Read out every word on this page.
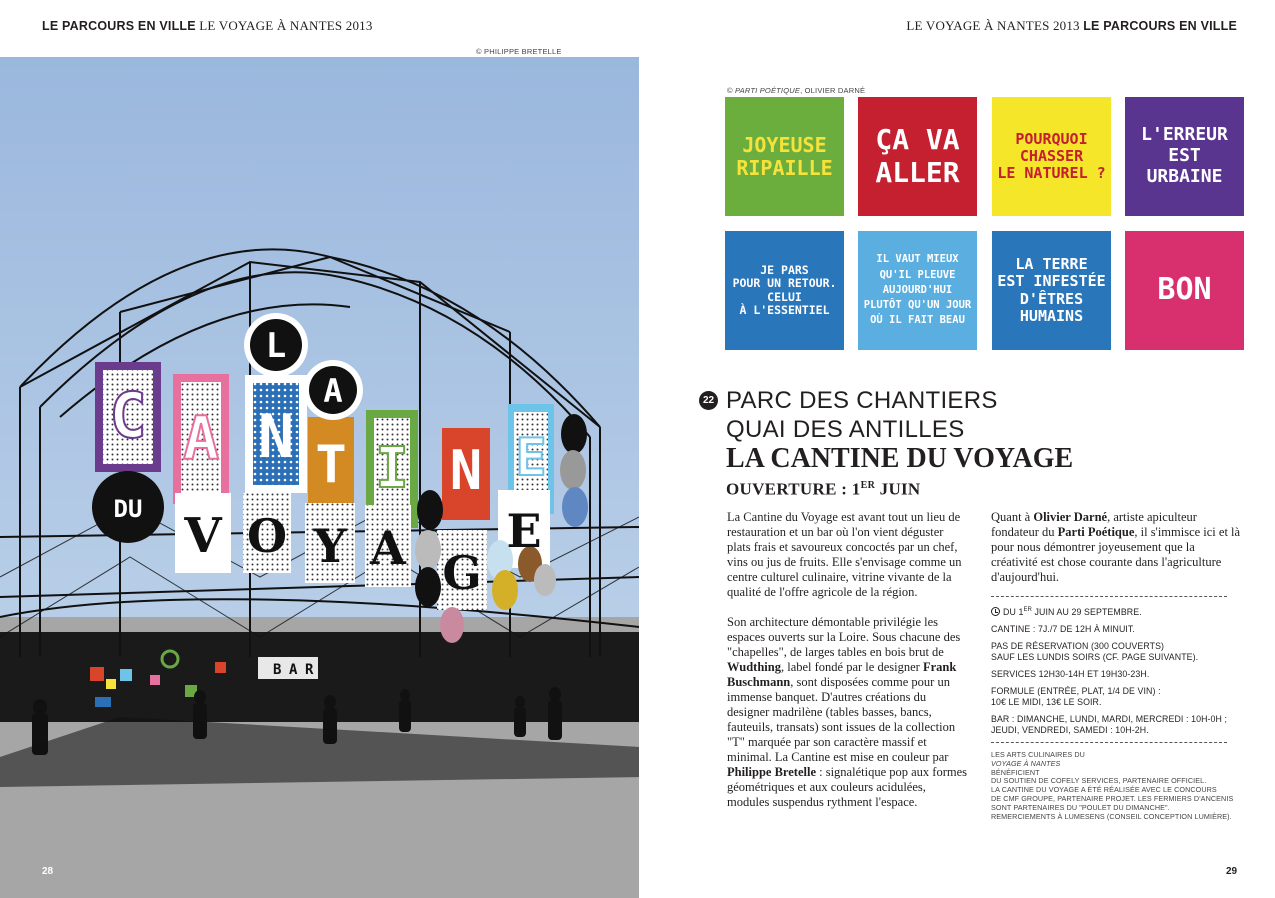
LE PARCOURS EN VILLE LE VOYAGE À NANTES 2013	LE VOYAGE À NANTES 2013 LE PARCOURS EN VILLE
© PHILIPPE BRETELLE
L
A
C A N T I N E
DU V O Y A G
E
B A R
28
© PARTI POÉTIQUE, OLIVIER DARNÉ
JOYEUSE
RIPAILLE
ÇA VA
ALLER
POURQUOI
CHASSER
LE NATUREL ?
L'ERREUR
EST
URBAINE
JE PARS
POUR UN RETOUR.
CELUI
À L'ESSENTIEL
IL VAUT MIEUX
QU'IL PLEUVE
AUJOURD'HUI
PLUTÔT QU'UN JOUR
OÙ IL FAIT BEAU
LA TERRE
EST INFESTÉE
D'ÊTRES
HUMAINS
BON
22 PARC DES CHANTIERS
QUAI DES ANTILLES
LA CANTINE DU VOYAGE
OUVERTURE : 1ER JUIN

La Cantine du Voyage est avant tout un lieu de restauration et un bar où l'on vient déguster plats frais et savoureux concoctés par un chef, vins ou jus de fruits. Elle s'envisage comme un centre culturel culinaire, vitrine vivante de la qualité de l'offre agricole de la région.

Son architecture démontable privilégie les espaces ouverts sur la Loire. Sous chacune des "chapelles", de larges tables en bois brut de Wudthing, label fondé par le designer Frank Buschmann, sont disposées comme pour un immense banquet. D'autres créations du designer madrilène (tables basses, bancs, fauteuils, transats) sont issues de la collection "T" marquée par son caractère massif et minimal. La Cantine est mise en couleur par Philippe Bretelle : signalétique pop aux formes géométriques et aux couleurs acidulées, modules suspendus rythment l'espace.

Quant à Olivier Darné, artiste apiculteur fondateur du Parti Poétique, il s'immisce ici et là pour nous démontrer joyeusement que la créativité est chose courante dans l'agriculture d'aujourd'hui.

DU 1ER JUIN AU 29 SEPTEMBRE.
CANTINE : 7J./7 DE 12H À MINUIT.
PAS DE RÉSERVATION (300 COUVERTS)
SAUF LES LUNDIS SOIRS (CF. PAGE SUIVANTE).
SERVICES 12H30-14H ET 19H30-23H.
FORMULE (ENTRÉE, PLAT, 1/4 DE VIN) :
10€ LE MIDI, 13€ LE SOIR.
BAR : DIMANCHE, LUNDI, MARDI, MERCREDI : 10H-0H ;
JEUDI, VENDREDI, SAMEDI : 10H-2H.
LES ARTS CULINAIRES DU
VOYAGE À NANTES
BÉNÉFICIENT
DU SOUTIEN DE COFELY SERVICES, PARTENAIRE OFFICIEL.
LA CANTINE DU VOYAGE A ÉTÉ RÉALISÉE AVEC LE CONCOURS
DE CMF GROUPE, PARTENAIRE PROJET. LES FERMIERS D'ANCENIS
SONT PARTENAIRES DU "POULET DU DIMANCHE".
REMERCIEMENTS À LUMESENS (CONSEIL CONCEPTION LUMIÈRE).
29
